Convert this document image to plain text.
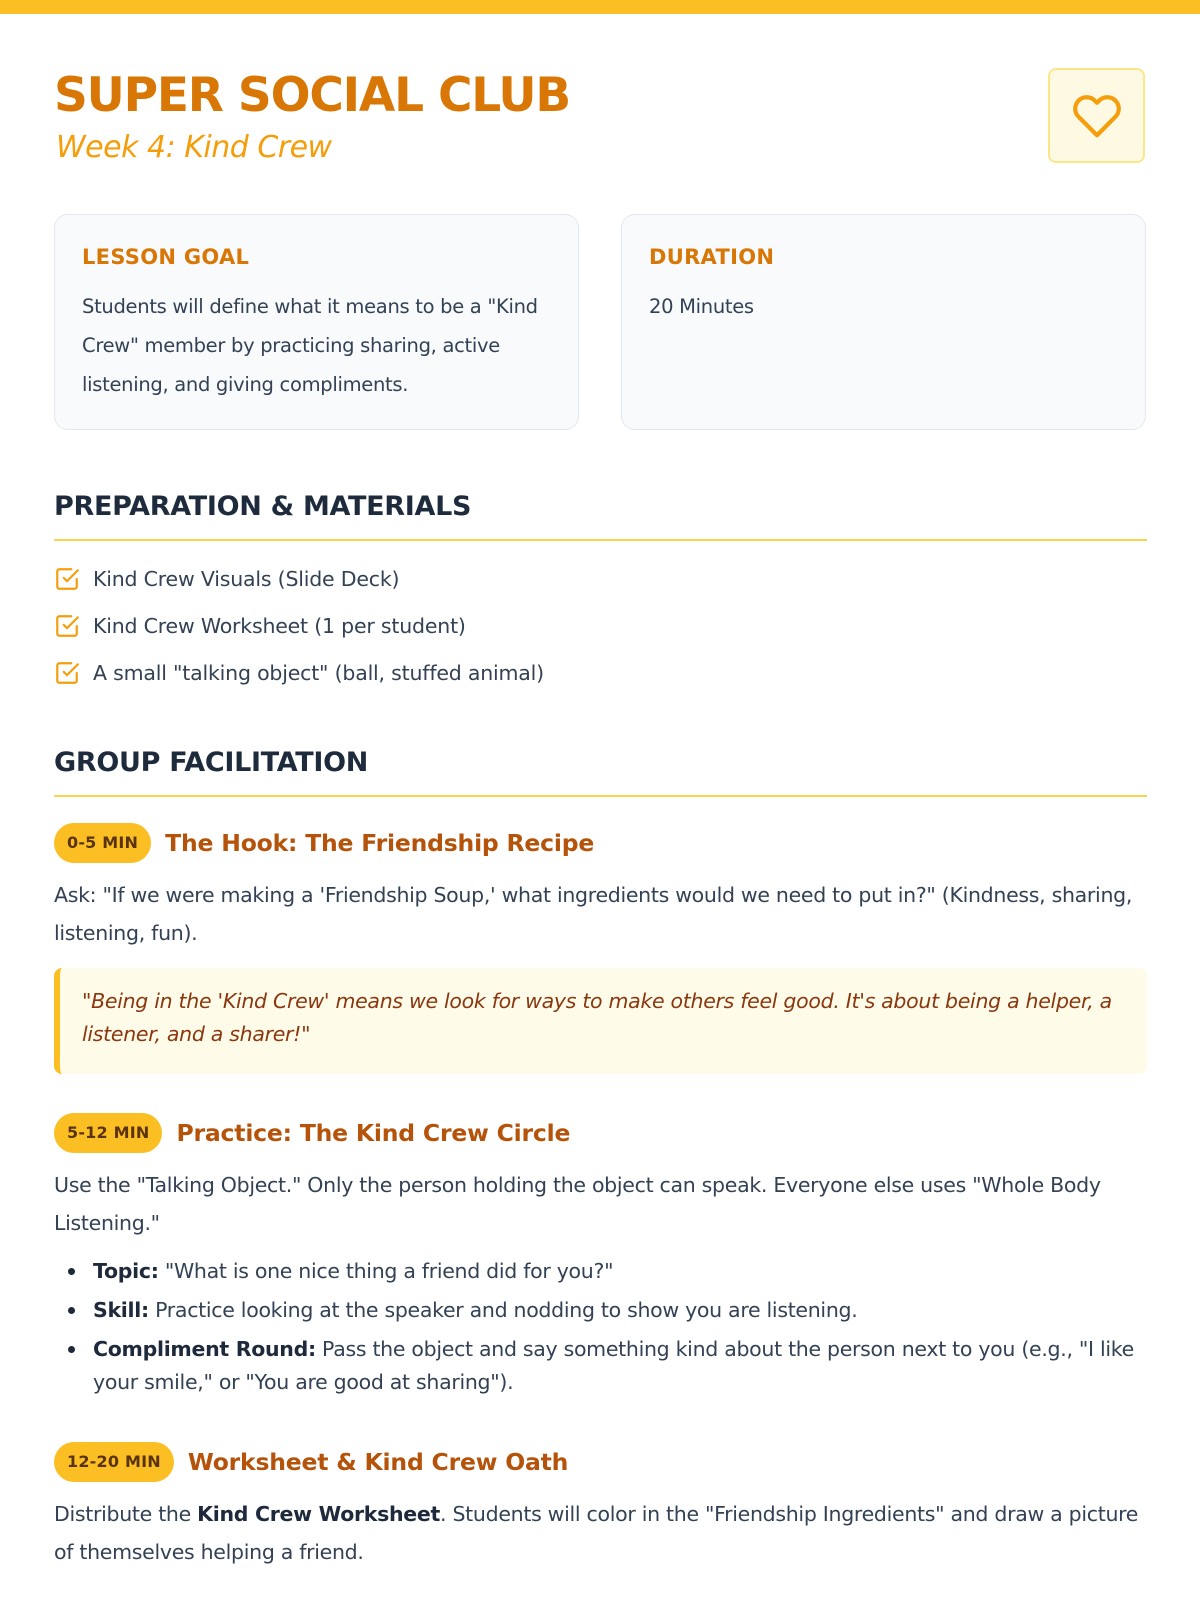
SUPER SOCIAL CLUB
Week 4: Kind Crew
LESSON GOAL
Students will define what it means to be a "Kind Crew" member by practicing sharing, active listening, and giving compliments.
DURATION
20 Minutes
PREPARATION & MATERIALS
Kind Crew Visuals (Slide Deck)
Kind Crew Worksheet (1 per student)
A small "talking object" (ball, stuffed animal)
GROUP FACILITATION
0-5 MIN	The Hook: The Friendship Recipe

Ask: "If we were making a 'Friendship Soup,' what ingredients would we need to put in?" (Kindness, sharing, listening, fun).

"Being in the 'Kind Crew' means we look for ways to make others feel good. It's about being a helper, a listener, and a sharer!"
5-12 MIN	Practice: The Kind Crew Circle

Use the "Talking Object." Only the person holding the object can speak. Everyone else uses "Whole Body Listening."

Topic: "What is one nice thing a friend did for you?"
Skill: Practice looking at the speaker and nodding to show you are listening.
Compliment Round: Pass the object and say something kind about the person next to you (e.g., "I like your smile," or "You are good at sharing").
12-20 MIN	Worksheet & Kind Crew Oath

Distribute the Kind Crew Worksheet. Students will color in the "Friendship Ingredients" and draw a picture of themselves helping a friend.
